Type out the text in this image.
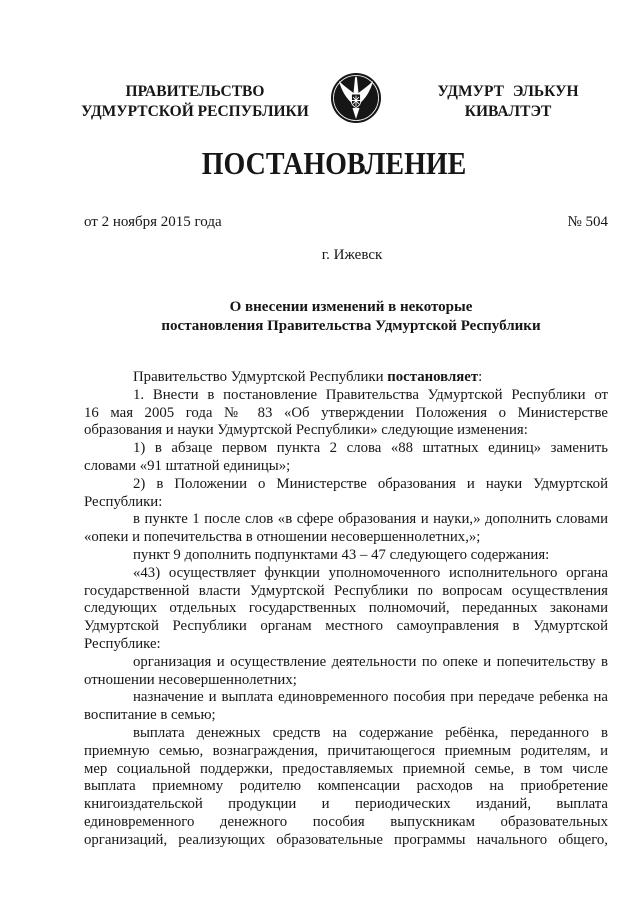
ПРАВИТЕЛЬСТВО
УДМУРТСКОЙ РЕСПУБЛИКИ
УДМУРТ ЭЛЬКУН
КИВАЛТЭТ
ПОСТАНОВЛЕНИЕ
от 2 ноября 2015 года	№ 504
г. Ижевск
О внесении изменений в некоторые
постановления Правительства Удмуртской Республики
Правительство Удмуртской Республики постановляет:
1. Внести в постановление Правительства Удмуртской Республики от
16 мая 2005 года № 83 «Об утверждении Положения о Министерстве
образования и науки Удмуртской Республики» следующие изменения:
1) в абзаце первом пункта 2 слова «88 штатных единиц» заменить
словами «91 штатной единицы»;
2) в Положении о Министерстве образования и науки Удмуртской
Республики:
в пункте 1 после слов «в сфере образования и науки,» дополнить словами
«опеки и попечительства в отношении несовершеннолетних,»;
пункт 9 дополнить подпунктами 43 – 47 следующего содержания:
«43) осуществляет функции уполномоченного исполнительного органа
государственной власти Удмуртской Республики по вопросам осуществления
следующих отдельных государственных полномочий, переданных законами
Удмуртской Республики органам местного самоуправления в Удмуртской
Республике:
организация и осуществление деятельности по опеке и попечительству в
отношении несовершеннолетних;
назначение и выплата единовременного пособия при передаче ребенка на
воспитание в семью;
выплата денежных средств на содержание ребёнка, переданного в
приемную семью, вознаграждения, причитающегося приемным родителям, и
мер социальной поддержки, предоставляемых приемной семье, в том числе
выплата приемному родителю компенсации расходов на приобретение
книгоиздательской продукции и периодических изданий, выплата
единовременного денежного пособия выпускникам образовательных
организаций, реализующих образовательные программы начального общего,
